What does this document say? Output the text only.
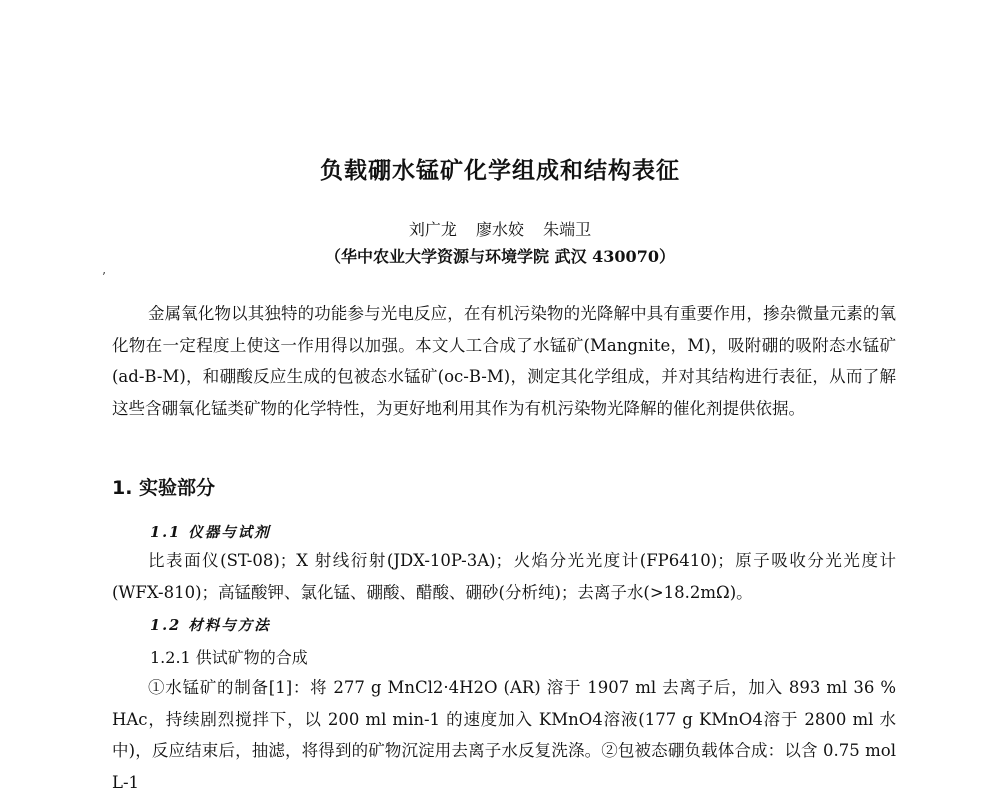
负载硼水锰矿化学组成和结构表征
刘广龙 廖水姣 朱端卫
（华中农业大学资源与环境学院 武汉 430070）
’
金属氧化物以其独特的功能参与光电反应，在有机污染物的光降解中具有重要作用，掺杂微量元素的氧化物在一定程度上使这一作用得以加强。本文人工合成了水锰矿(Mangnite，M)，吸附硼的吸附态水锰矿(ad-B-M)，和硼酸反应生成的包被态水锰矿(oc-B-M)，测定其化学组成，并对其结构进行表征，从而了解这些含硼氧化锰类矿物的化学特性，为更好地利用其作为有机污染物光降解的催化剂提供依据。
1. 实验部分
1.1 仪器与试剂
比表面仪(ST-08)；X 射线衍射(JDX-10P-3A)；火焰分光光度计(FP6410)；原子吸收分光光度计(WFX-810)；高锰酸钾、氯化锰、硼酸、醋酸、硼砂(分析纯)；去离子水(>18.2mΩ)。
1.2 材料与方法
1.2.1 供试矿物的合成
①水锰矿的制备[1]：将 277 g MnCl2·4H2O (AR) 溶于 1907 ml 去离子后，加入 893 ml 36 % HAc，持续剧烈搅拌下，以 200 ml min-1 的速度加入 KMnO4溶液(177 g KMnO4溶于 2800 ml 水中)，反应结束后，抽滤，将得到的矿物沉淀用去离子水反复洗涤。②包被态硼负载体合成：以含 0.75 mol L-1
